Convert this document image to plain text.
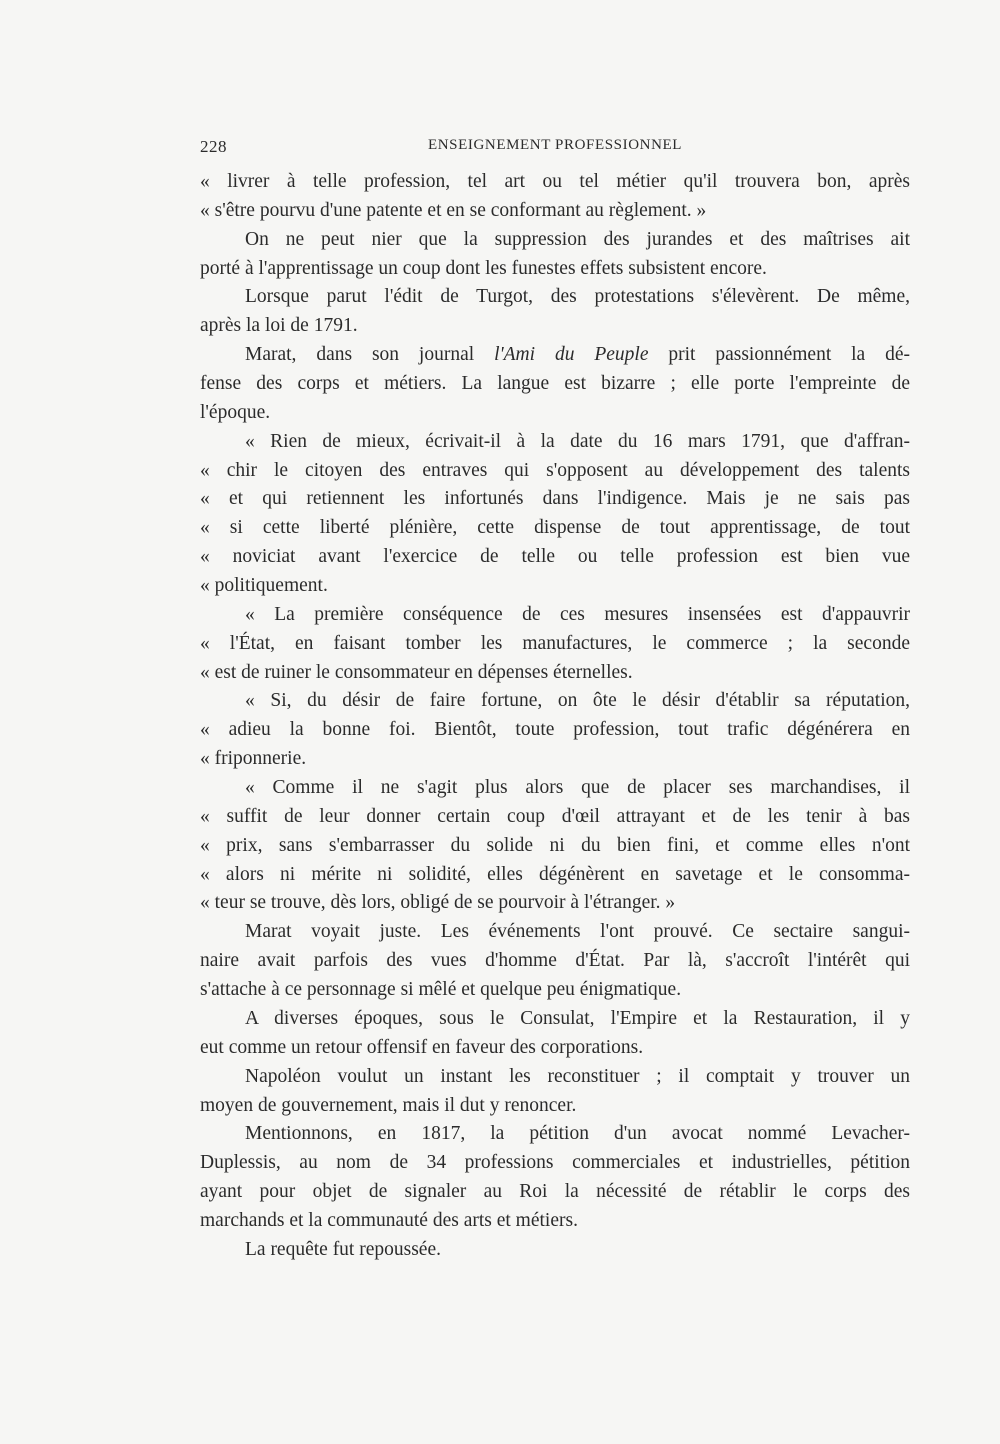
228	ENSEIGNEMENT PROFESSIONNEL
« livrer à telle profession, tel art ou tel métier qu'il trouvera bon, après
« s'être pourvu d'une patente et en se conformant au règlement. »
On ne peut nier que la suppression des jurandes et des maîtrises ait
porté à l'apprentissage un coup dont les funestes effets subsistent encore.
Lorsque parut l'édit de Turgot, des protestations s'élevèrent. De même,
après la loi de 1791.
Marat, dans son journal l'Ami du Peuple prit passionnément la dé-
fense des corps et métiers. La langue est bizarre ; elle porte l'empreinte de
l'époque.
« Rien de mieux, écrivait-il à la date du 16 mars 1791, que d'affran-
« chir le citoyen des entraves qui s'opposent au développement des talents
« et qui retiennent les infortunés dans l'indigence. Mais je ne sais pas
« si cette liberté plénière, cette dispense de tout apprentissage, de tout
« noviciat avant l'exercice de telle ou telle profession est bien vue
« politiquement.
« La première conséquence de ces mesures insensées est d'appauvrir
« l'État, en faisant tomber les manufactures, le commerce ; la seconde
« est de ruiner le consommateur en dépenses éternelles.
« Si, du désir de faire fortune, on ôte le désir d'établir sa réputation,
« adieu la bonne foi. Bientôt, toute profession, tout trafic dégénérera en
« friponnerie.
« Comme il ne s'agit plus alors que de placer ses marchandises, il
« suffit de leur donner certain coup d'œil attrayant et de les tenir à bas
« prix, sans s'embarrasser du solide ni du bien fini, et comme elles n'ont
« alors ni mérite ni solidité, elles dégénèrent en savetage et le consomma-
« teur se trouve, dès lors, obligé de se pourvoir à l'étranger. »
Marat voyait juste. Les événements l'ont prouvé. Ce sectaire sangui-
naire avait parfois des vues d'homme d'État. Par là, s'accroît l'intérêt qui
s'attache à ce personnage si mêlé et quelque peu énigmatique.
A diverses époques, sous le Consulat, l'Empire et la Restauration, il y
eut comme un retour offensif en faveur des corporations.
Napoléon voulut un instant les reconstituer ; il comptait y trouver un
moyen de gouvernement, mais il dut y renoncer.
Mentionnons, en 1817, la pétition d'un avocat nommé Levacher-
Duplessis, au nom de 34 professions commerciales et industrielles, pétition
ayant pour objet de signaler au Roi la nécessité de rétablir le corps des
marchands et la communauté des arts et métiers.
La requête fut repoussée.
